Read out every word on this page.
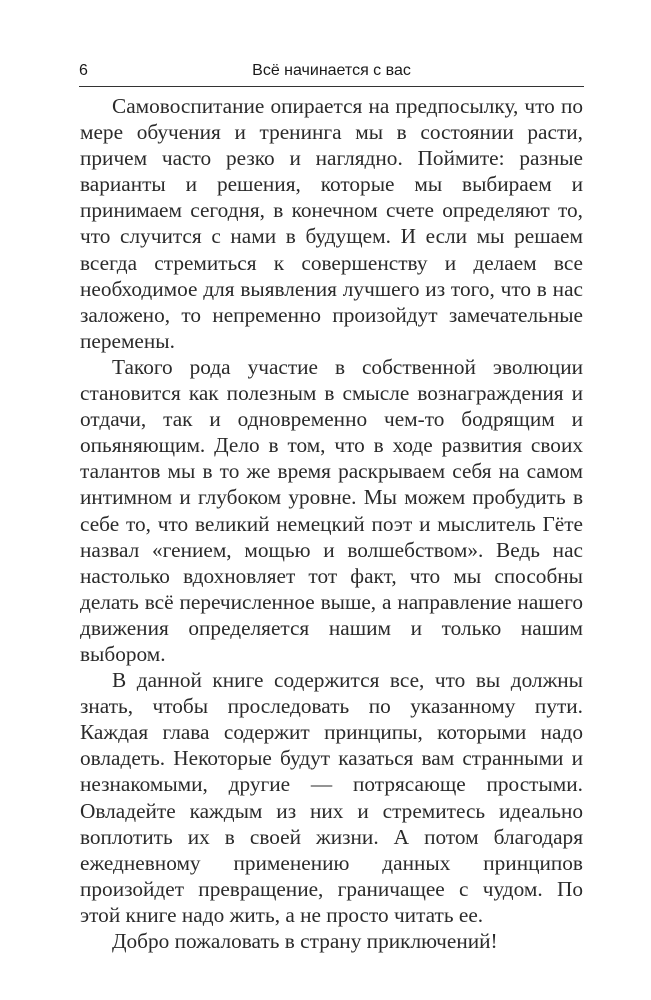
6	Всё начинается с вас

Самовоспитание опирается на предпосылку, что по мере обучения и тренинга мы в состоянии расти, причем часто резко и наглядно. Поймите: разные варианты и решения, которые мы выбираем и принимаем сегодня, в конечном счете определяют то, что случится с нами в будущем. И если мы решаем всегда стремиться к совершенству и делаем все необходимое для выявления лучшего из того, что в нас заложено, то непременно произойдут замечательные перемены.

Такого рода участие в собственной эволюции становится как полезным в смысле вознаграждения и отдачи, так и одновременно чем-то бодрящим и опьяняющим. Дело в том, что в ходе развития своих талантов мы в то же время раскрываем себя на самом интимном и глубоком уровне. Мы можем пробудить в себе то, что великий немецкий поэт и мыслитель Гёте назвал «гением, мощью и волшебством». Ведь нас настолько вдохновляет тот факт, что мы способны делать всё перечисленное выше, а направление нашего движения определяется нашим и только нашим выбором.

В данной книге содержится все, что вы должны знать, чтобы проследовать по указанному пути. Каждая глава содержит принципы, которыми надо овладеть. Некоторые будут казаться вам странными и незнакомыми, другие — потрясающе простыми. Овладейте каждым из них и стремитесь идеально воплотить их в своей жизни. А потом благодаря ежедневному применению данных принципов произойдет превращение, граничащее с чудом. По этой книге надо жить, а не просто читать ее.

Добро пожаловать в страну приключений!
